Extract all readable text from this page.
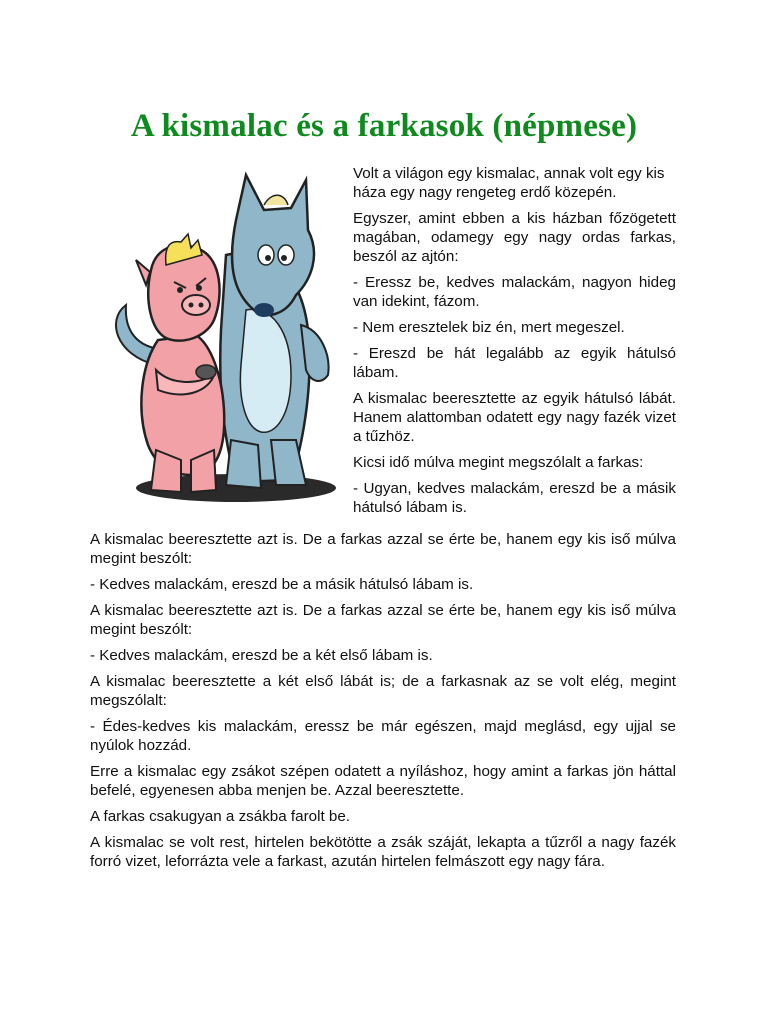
A kismalac és a farkasok (népmese)

Volt a világon egy kismalac, annak volt egy kis háza egy nagy rengeteg erdő közepén.

Egyszer, amint ebben a kis házban főzögetett magában, odamegy egy nagy ordas farkas, beszól az ajtón:

- Eressz be, kedves malackám, nagyon hideg van idekint, fázom.

- Nem eresztelek biz én, mert megeszel.

- Ereszd be hát legalább az egyik hátulsó lábam.

A kismalac beeresztette az egyik hátulsó lábát. Hanem alattomban odatett egy nagy fazék vizet a tűzhöz.

Kicsi idő múlva megint megszólalt a farkas:

- Ugyan, kedves malackám, ereszd be a másik hátulsó lábam is.

A kismalac beeresztette azt is. De a farkas azzal se érte be, hanem egy kis iső múlva megint beszólt:

- Kedves malackám, ereszd be a másik hátulsó lábam is.

A kismalac beeresztette azt is. De a farkas azzal se érte be, hanem egy kis iső múlva megint beszólt:

- Kedves malackám, ereszd be a két első lábam is.

A kismalac beeresztette a két első lábát is; de a farkasnak az se volt elég, megint megszólalt:

- Édes-kedves kis malackám, eressz be már egészen, majd meglásd, egy ujjal se nyúlok hozzád.

Erre a kismalac egy zsákot szépen odatett a nyíláshoz, hogy amint a farkas jön háttal befelé, egyenesen abba menjen be. Azzal beeresztette.

A farkas csakugyan a zsákba farolt be.

A kismalac se volt rest, hirtelen bekötötte a zsák száját, lekapta a tűzről a nagy fazék forró vizet, leforrázta vele a farkast, azután hirtelen felmászott egy nagy fára.
